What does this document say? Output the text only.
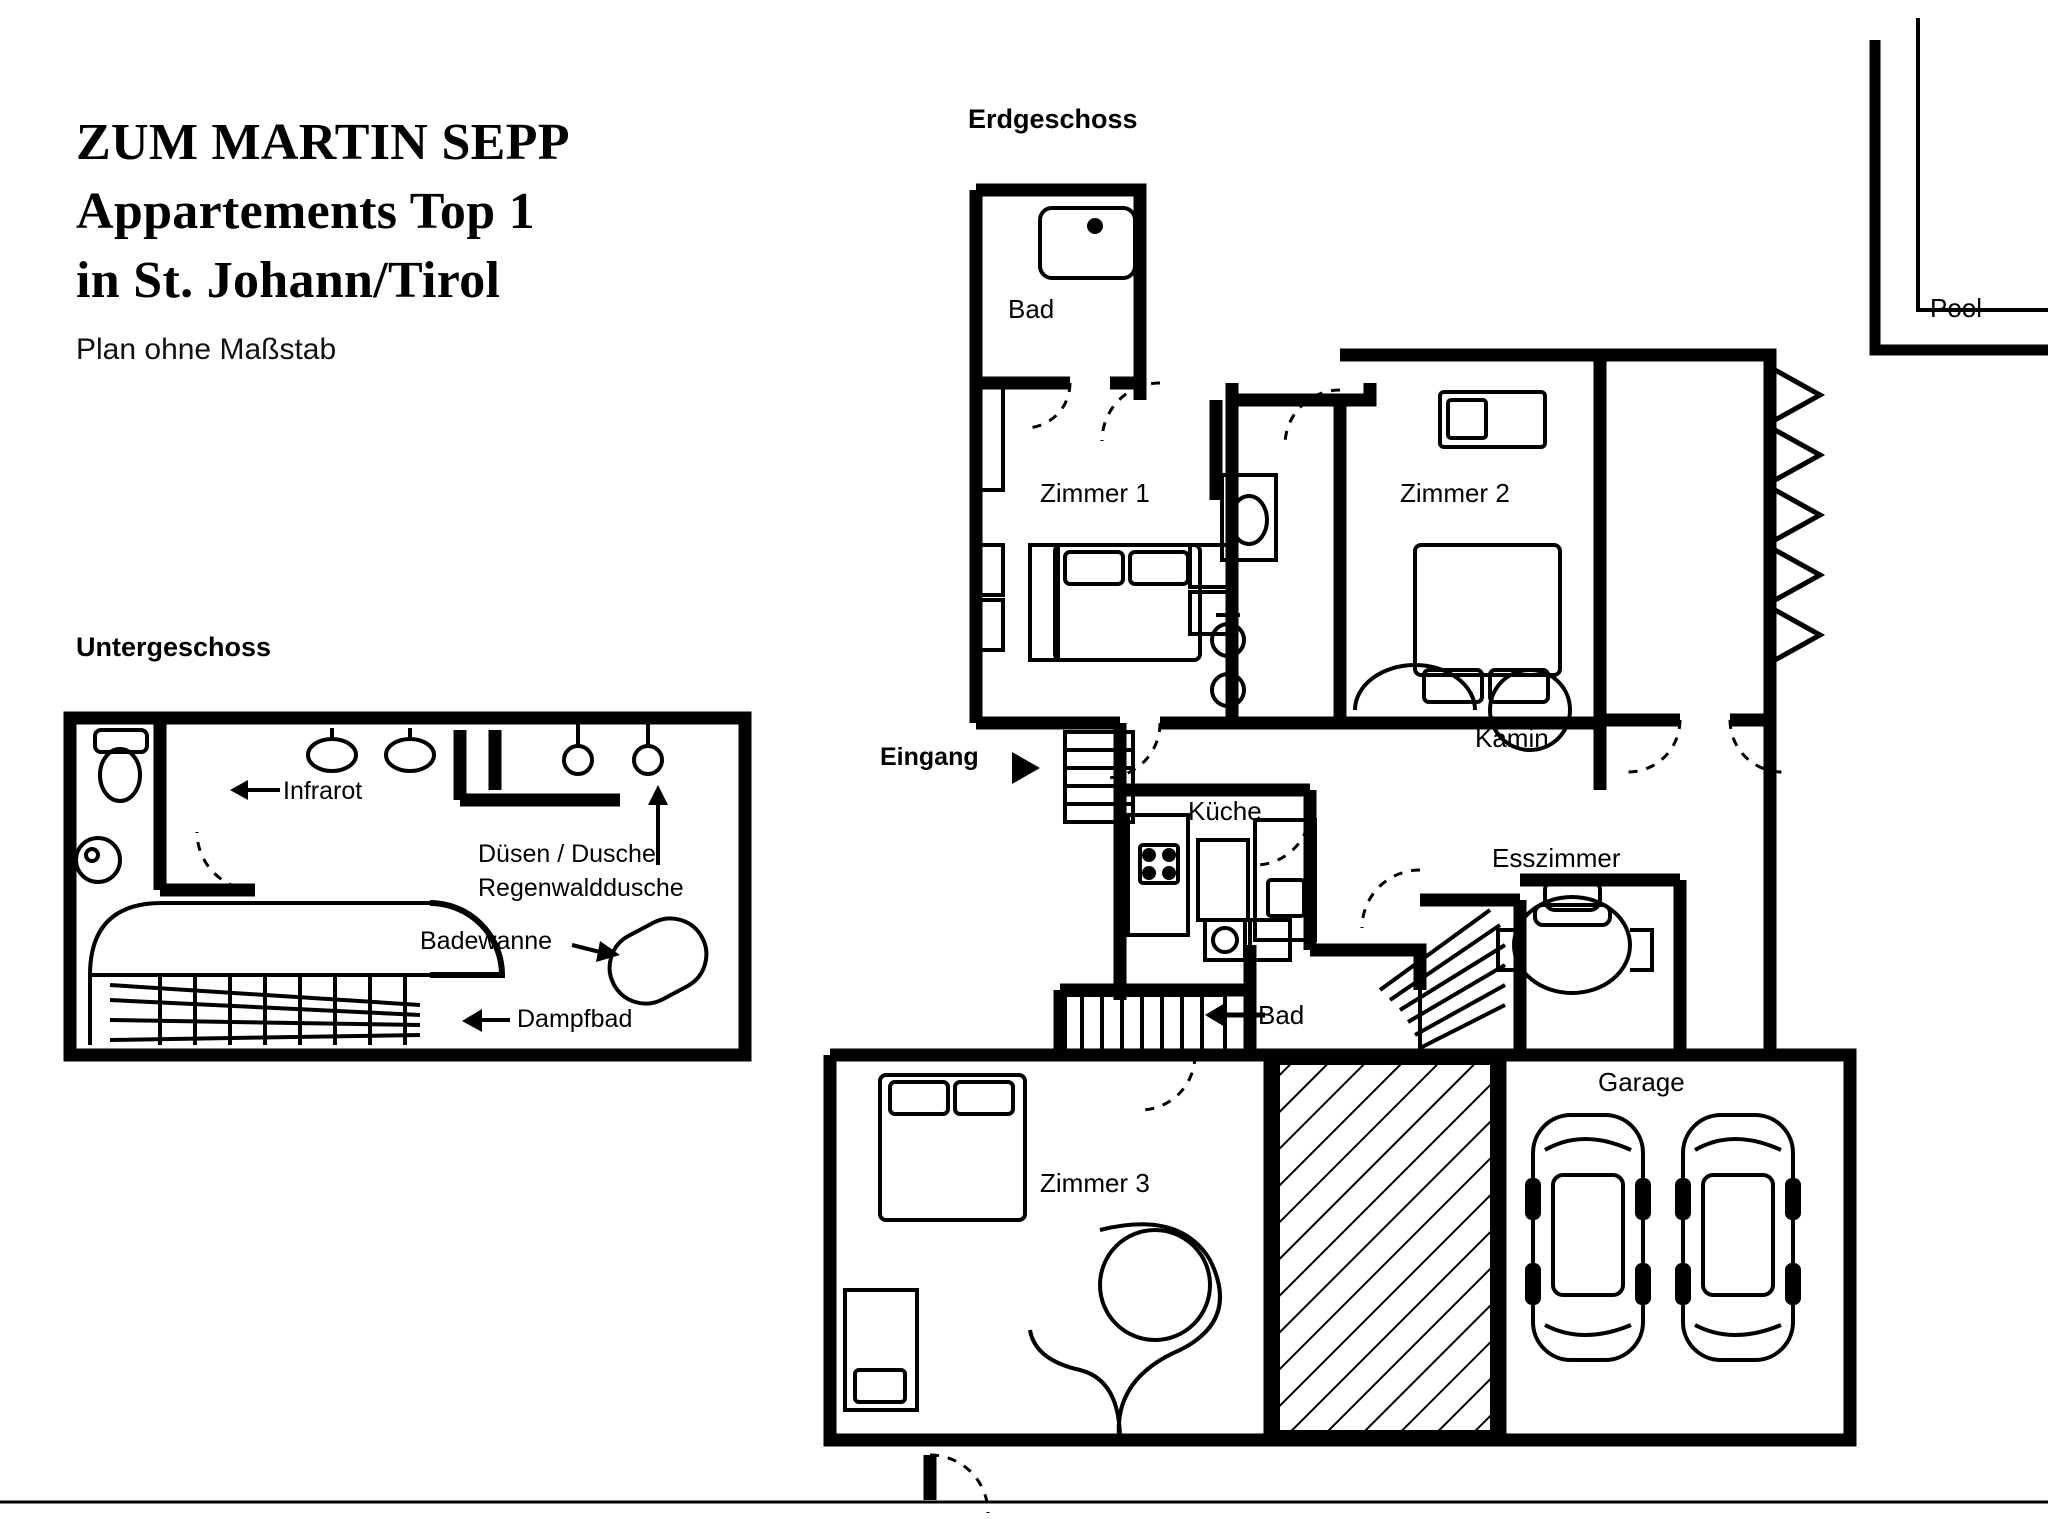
ZUM MARTIN SEPP
Appartements Top 1
in St. Johann/Tirol
Plan ohne Maßstab
Erdgeschoss
Untergeschoss
Bad
Zimmer 1	Zimmer 2
Kamin
Küche
Esszimmer
Bad
Zimmer 3
Garage
Pool
Eingang
Infrarot
Düsen / Dusche
Regenwalddusche
Badewanne
Dampfbad
